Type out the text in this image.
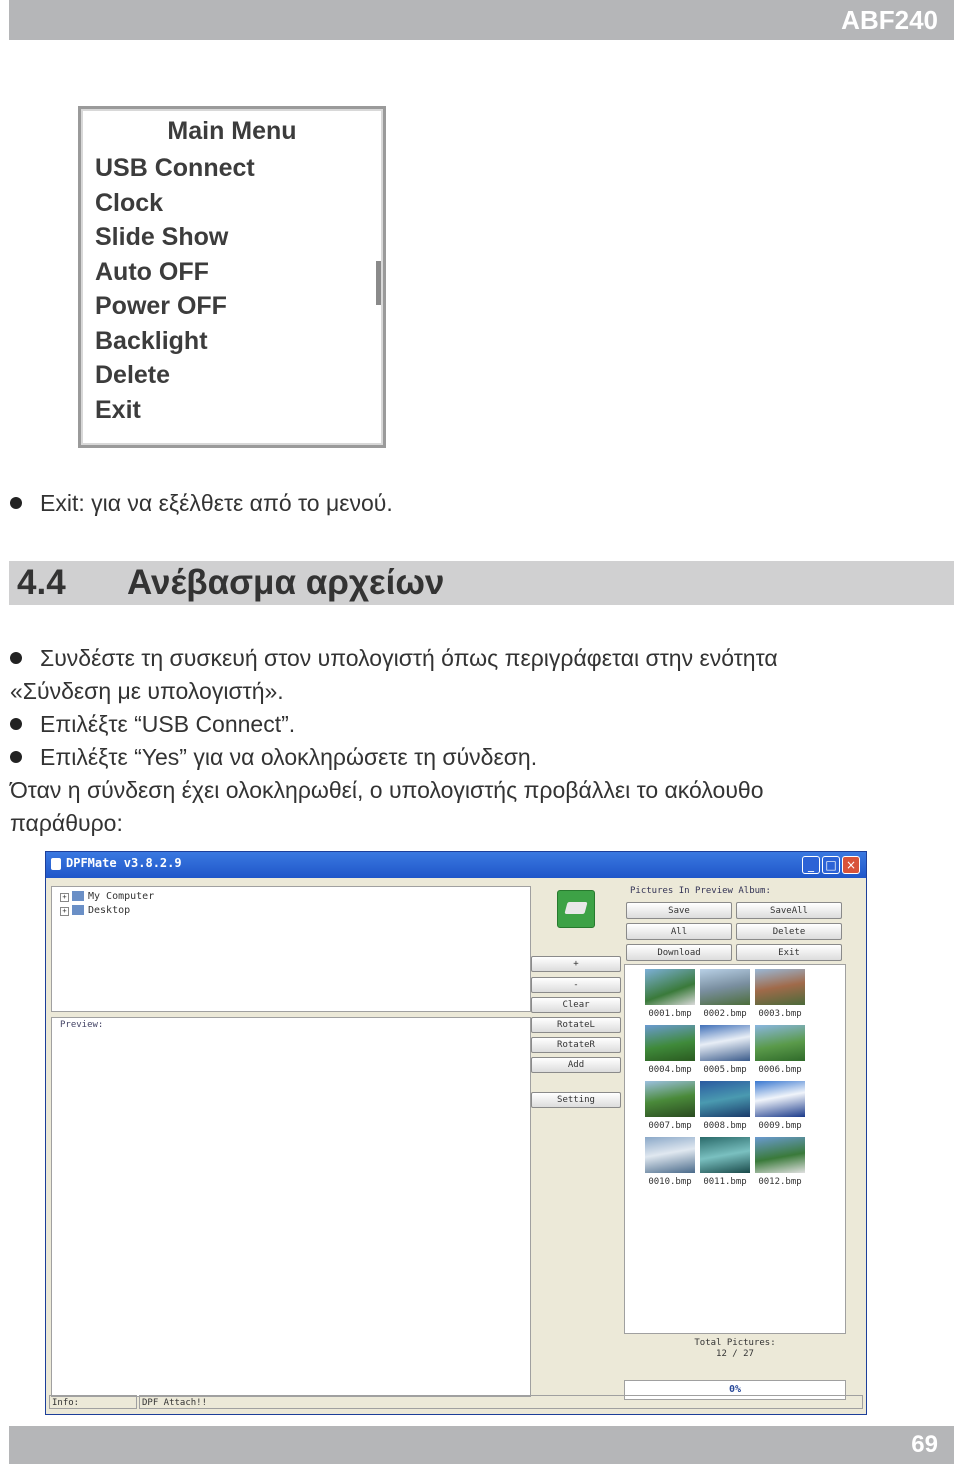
ABF240
Main Menu
USB Connect
Clock
Slide Show
Auto OFF
Power OFF
Backlight
Delete
Exit
Exit: για να εξέλθετε από το μενού.
4.4 Ανέβασμα αρχείων
Συνδέστε τη συσκευή στον υπολογιστή όπως περιγράφεται στην ενότητα
«Σύνδεση με υπολογιστή».
Επιλέξτε “USB Connect”.
Επιλέξτε “Yes” για να ολοκληρώσετε τη σύνδεση.
Όταν η σύνδεση έχει ολοκληρωθεί, ο υπολογιστής προβάλλει το ακόλουθο
παράθυρο:
DPFMate v3.8.2.9	_ □ ×
+ My Computer
+ Desktop
Preview:
+
-
Clear
RotateL
RotateR
Add
Setting
Pictures In Preview Album:
Save	SaveAll
All	Delete
Download	Exit
0001.bmp	0002.bmp	0003.bmp
0004.bmp	0005.bmp	0006.bmp
0007.bmp	0008.bmp	0009.bmp
0010.bmp	0011.bmp	0012.bmp
Total Pictures:
12 / 27
0%
Info:	DPF Attach!!
69
